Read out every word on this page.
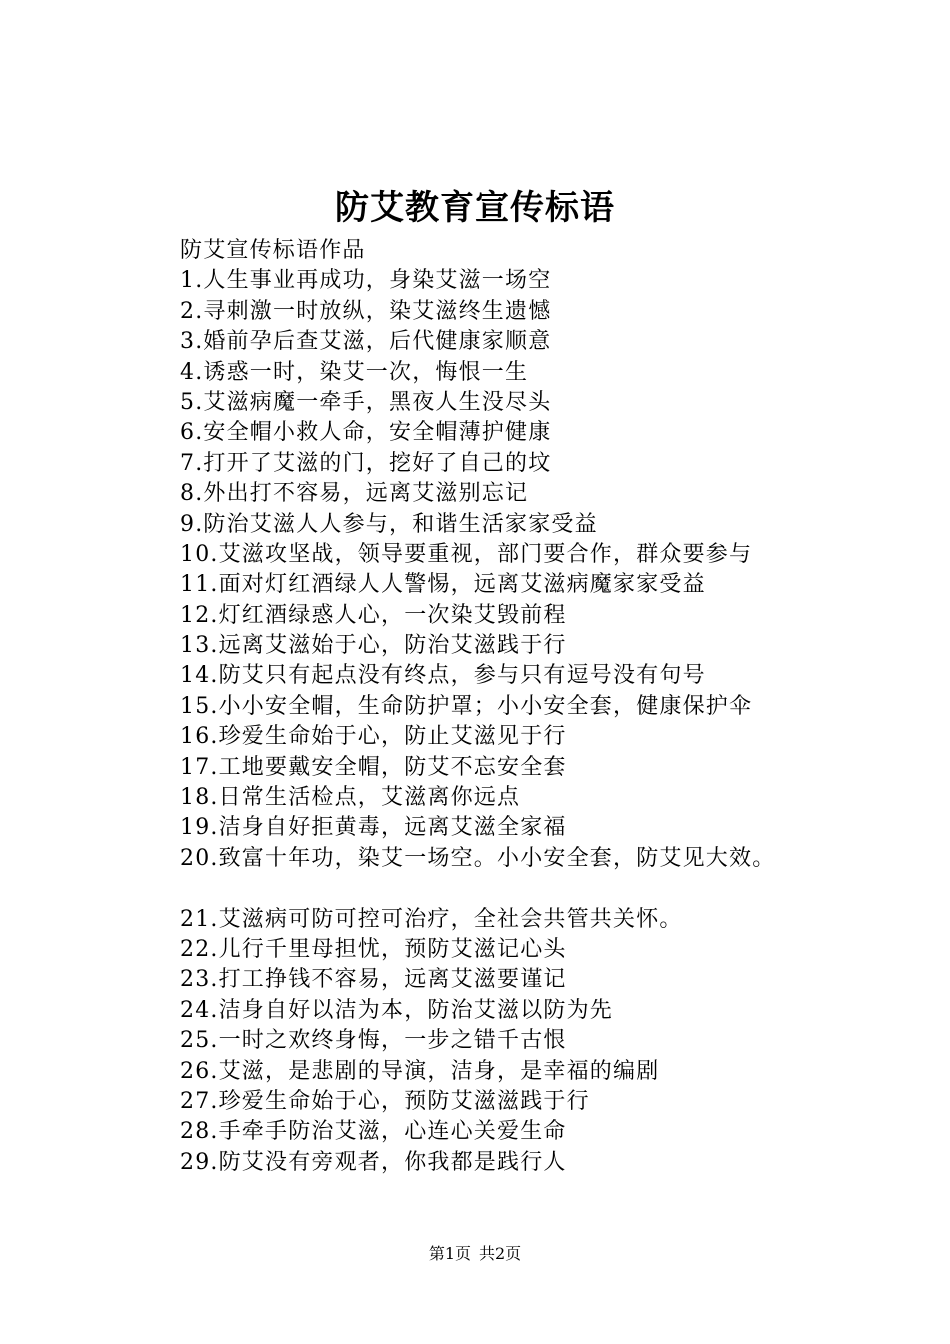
防艾教育宣传标语
防艾宣传标语作品
1.人生事业再成功，身染艾滋一场空
2.寻刺激一时放纵，染艾滋终生遗憾
3.婚前孕后查艾滋，后代健康家顺意
4.诱惑一时，染艾一次，悔恨一生
5.艾滋病魔一牵手，黑夜人生没尽头
6.安全帽小救人命，安全帽薄护健康
7.打开了艾滋的门，挖好了自己的坟
8.外出打不容易，远离艾滋别忘记
9.防治艾滋人人参与，和谐生活家家受益
10.艾滋攻坚战，领导要重视，部门要合作，群众要参与
11.面对灯红酒绿人人警惕，远离艾滋病魔家家受益
12.灯红酒绿惑人心，一次染艾毁前程
13.远离艾滋始于心，防治艾滋践于行
14.防艾只有起点没有终点，参与只有逗号没有句号
15.小小安全帽，生命防护罩；小小安全套，健康保护伞
16.珍爱生命始于心，防止艾滋见于行
17.工地要戴安全帽，防艾不忘安全套
18.日常生活检点，艾滋离你远点
19.洁身自好拒黄毒，远离艾滋全家福
20.致富十年功，染艾一场空。小小安全套，防艾见大效。
21.艾滋病可防可控可治疗，全社会共管共关怀。
22.儿行千里母担忧，预防艾滋记心头
23.打工挣钱不容易，远离艾滋要谨记
24.洁身自好以洁为本，防治艾滋以防为先
25.一时之欢终身悔，一步之错千古恨
26.艾滋，是悲剧的导演，洁身，是幸福的编剧
27.珍爱生命始于心，预防艾滋滋践于行
28.手牵手防治艾滋，心连心关爱生命
29.防艾没有旁观者，你我都是践行人
第1页 共2页
